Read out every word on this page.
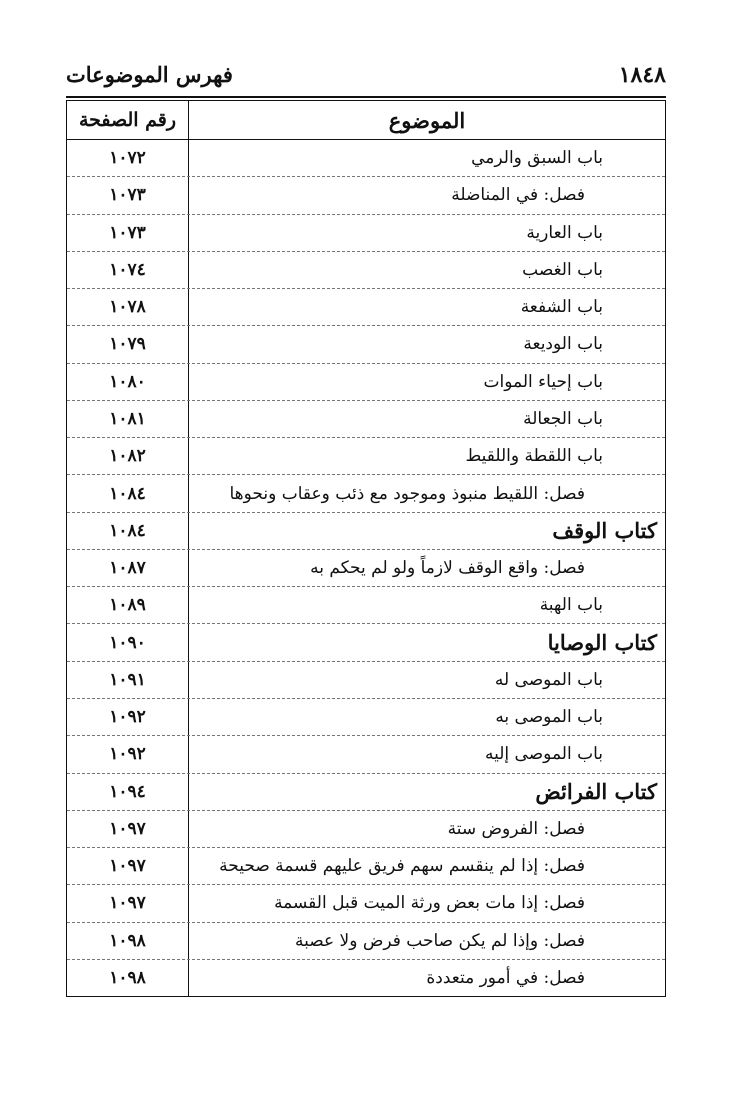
١٨٤٨
فهرس الموضوعات
الموضوع
رقم الصفحة
باب السبق والرمي
١٠٧٢
فصل: في المناضلة
١٠٧٣
باب العارية
١٠٧٣
باب الغصب
١٠٧٤
باب الشفعة
١٠٧٨
باب الوديعة
١٠٧٩
باب إحياء الموات
١٠٨٠
باب الجعالة
١٠٨١
باب اللقطة واللقيط
١٠٨٢
فصل: اللقيط منبوذ وموجود مع ذئب وعقاب ونحوها
١٠٨٤
كتاب الوقف
١٠٨٤
فصل: واقع الوقف لازماً ولو لم يحكم به
١٠٨٧
باب الهبة
١٠٨٩
كتاب الوصايا
١٠٩٠
باب الموصى له
١٠٩١
باب الموصى به
١٠٩٢
باب الموصى إليه
١٠٩٢
كتاب الفرائض
١٠٩٤
فصل: الفروض ستة
١٠٩٧
فصل: إذا لم ينقسم سهم فريق عليهم قسمة صحيحة
١٠٩٧
فصل: إذا مات بعض ورثة الميت قبل القسمة
١٠٩٧
فصل: وإذا لم يكن صاحب فرض ولا عصبة
١٠٩٨
فصل: في أمور متعددة
١٠٩٨
